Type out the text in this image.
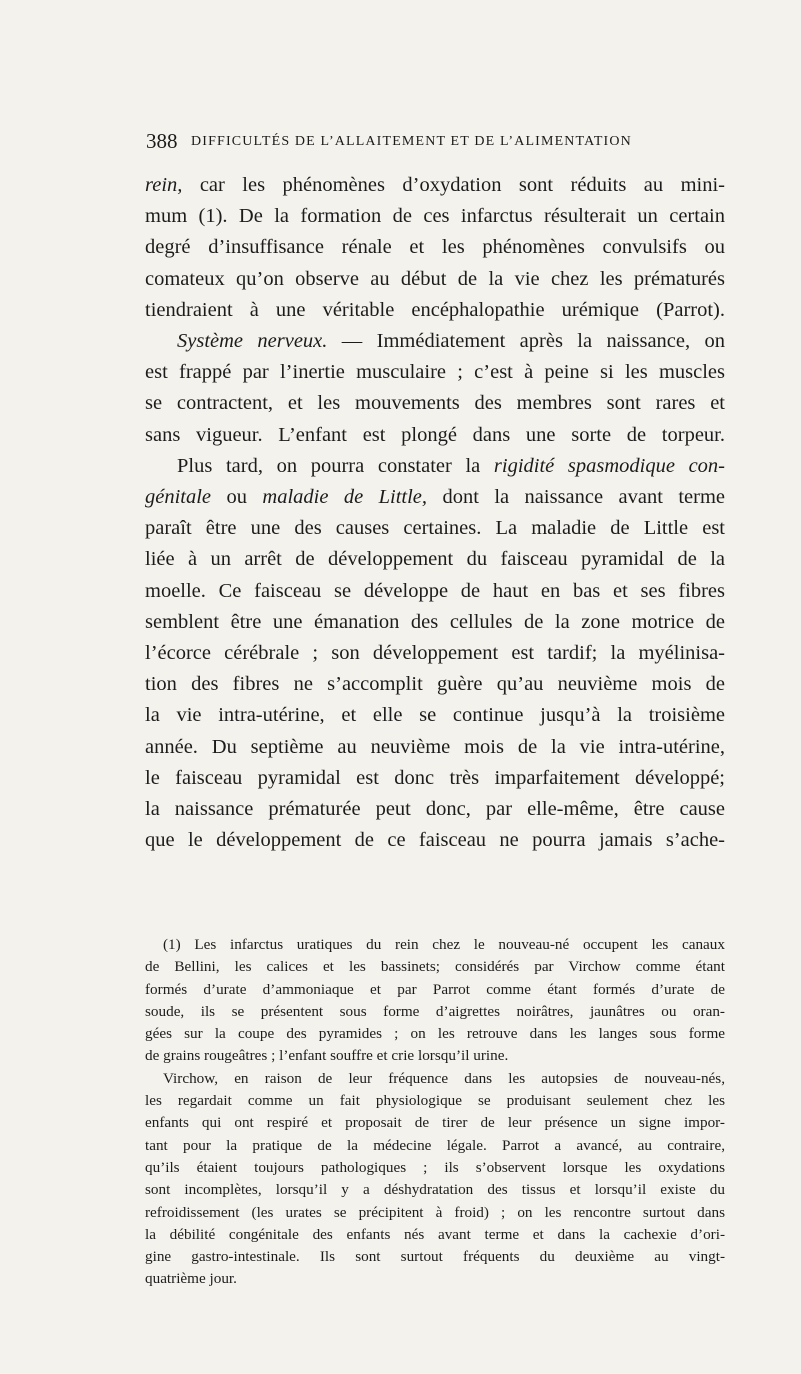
388 DIFFICULTÉS DE L’ALLAITEMENT ET DE L’ALIMENTATION
rein, car les phénomènes d’oxydation sont réduits au mini-
mum (1). De la formation de ces infarctus résulterait un certain
degré d’insuffisance rénale et les phénomènes convulsifs ou
comateux qu’on observe au début de la vie chez les prématurés
tiendraient à une véritable encéphalopathie urémique (Parrot).
Système nerveux. — Immédiatement après la naissance, on
est frappé par l’inertie musculaire ; c’est à peine si les muscles
se contractent, et les mouvements des membres sont rares et
sans vigueur. L’enfant est plongé dans une sorte de torpeur.
Plus tard, on pourra constater la rigidité spasmodique con-
génitale ou maladie de Little, dont la naissance avant terme
paraît être une des causes certaines. La maladie de Little est
liée à un arrêt de développement du faisceau pyramidal de la
moelle. Ce faisceau se développe de haut en bas et ses fibres
semblent être une émanation des cellules de la zone motrice de
l’écorce cérébrale ; son développement est tardif; la myélinisa-
tion des fibres ne s’accomplit guère qu’au neuvième mois de
la vie intra-utérine, et elle se continue jusqu’à la troisième
année. Du septième au neuvième mois de la vie intra-utérine,
le faisceau pyramidal est donc très imparfaitement développé;
la naissance prématurée peut donc, par elle-même, être cause
que le développement de ce faisceau ne pourra jamais s’ache-
(1) Les infarctus uratiques du rein chez le nouveau-né occupent les canaux
de Bellini, les calices et les bassinets; considérés par Virchow comme étant
formés d’urate d’ammoniaque et par Parrot comme étant formés d’urate de
soude, ils se présentent sous forme d’aigrettes noirâtres, jaunâtres ou oran-
gées sur la coupe des pyramides ; on les retrouve dans les langes sous forme
de grains rougeâtres ; l’enfant souffre et crie lorsqu’il urine.
Virchow, en raison de leur fréquence dans les autopsies de nouveau-nés,
les regardait comme un fait physiologique se produisant seulement chez les
enfants qui ont respiré et proposait de tirer de leur présence un signe impor-
tant pour la pratique de la médecine légale. Parrot a avancé, au contraire,
qu’ils étaient toujours pathologiques ; ils s’observent lorsque les oxydations
sont incomplètes, lorsqu’il y a déshydratation des tissus et lorsqu’il existe du
refroidissement (les urates se précipitent à froid) ; on les rencontre surtout dans
la débilité congénitale des enfants nés avant terme et dans la cachexie d’ori-
gine gastro-intestinale. Ils sont surtout fréquents du deuxième au vingt-
quatrième jour.
